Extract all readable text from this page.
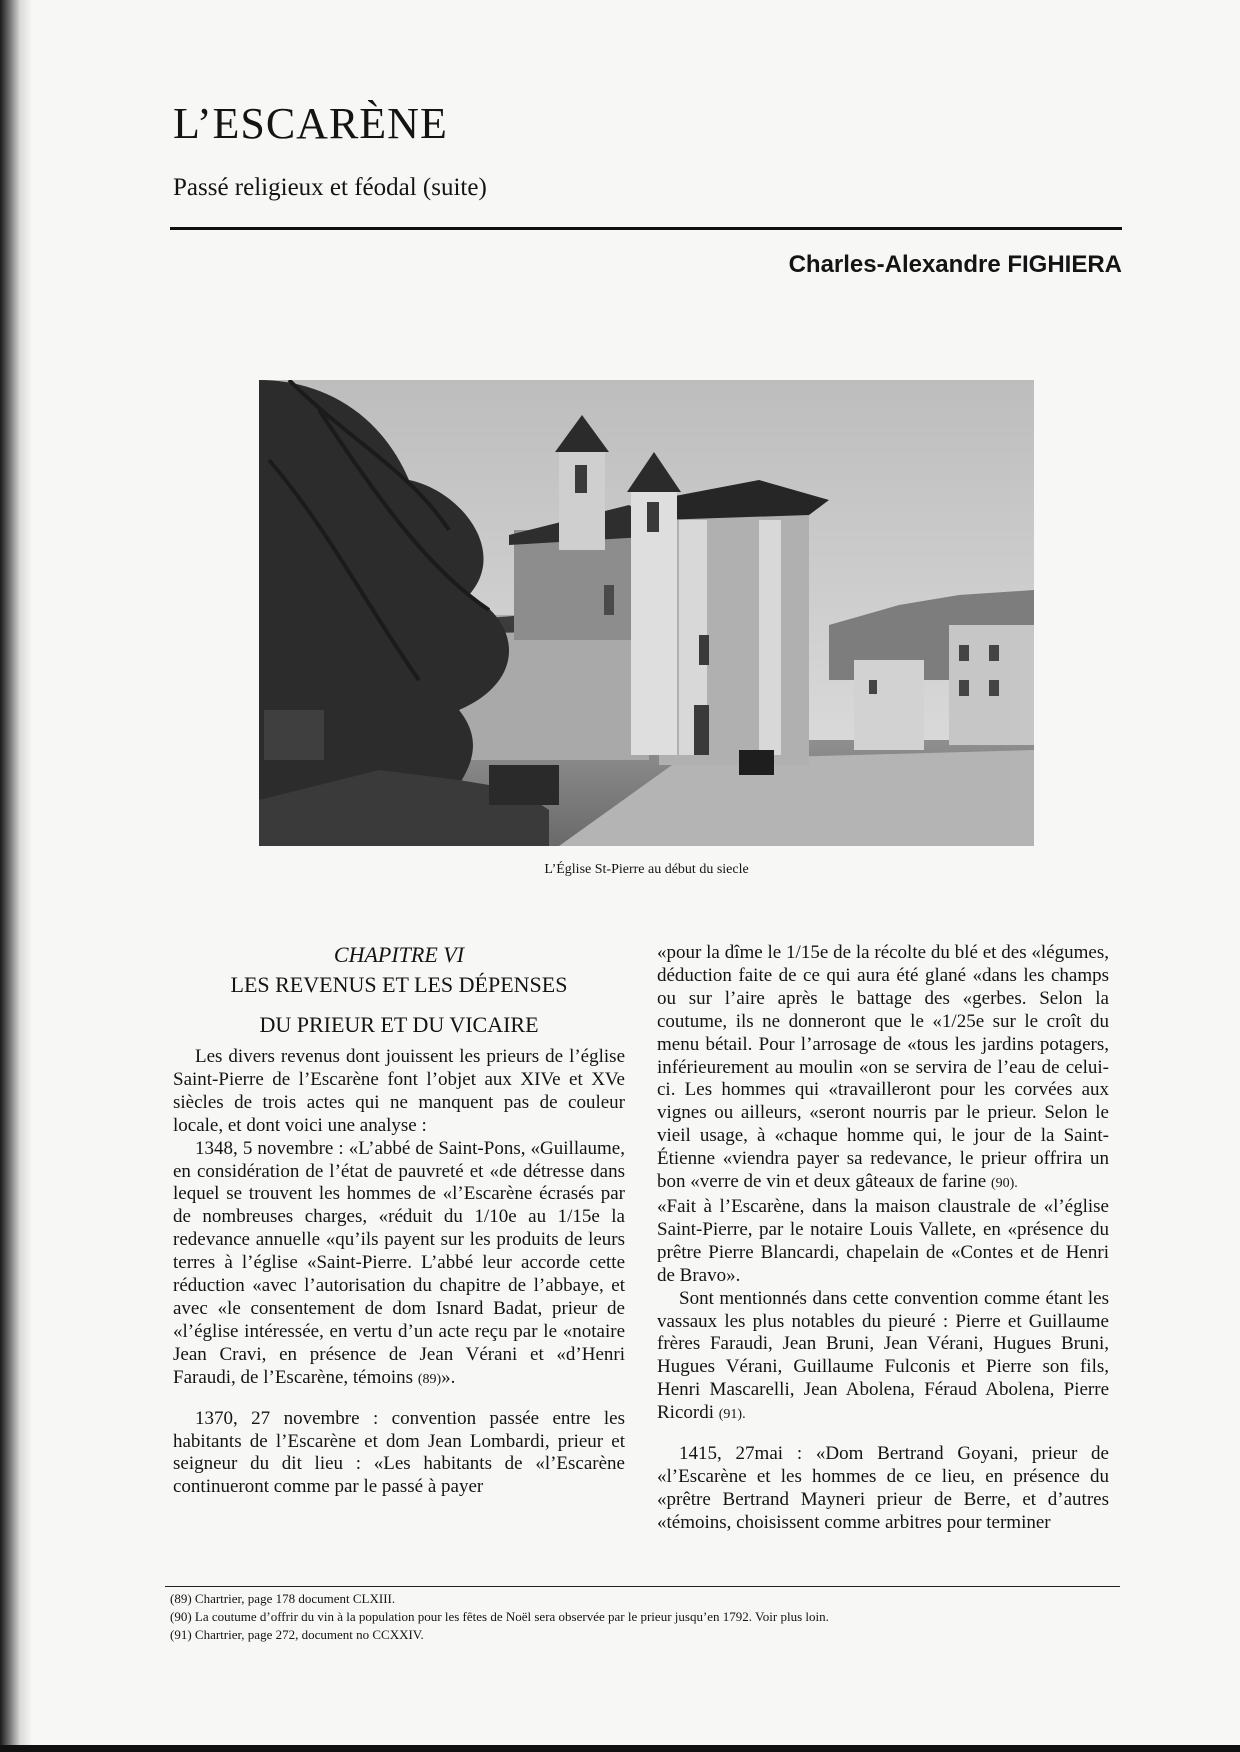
L’ESCARÈNE
Passé religieux et féodal (suite)
Charles-Alexandre FIGHIERA
L’Église St-Pierre au début du siecle

CHAPITRE VI

LES REVENUS ET LES DÉPENSES

DU PRIEUR ET DU VICAIRE

Les divers revenus dont jouissent les prieurs de l’église Saint-Pierre de l’Escarène font l’objet aux XIVe et XVe siècles de trois actes qui ne manquent pas de couleur locale, et dont voici une analyse :

1348, 5 novembre : «L’abbé de Saint-Pons, «Guillaume, en considération de l’état de pauvreté et «de détresse dans lequel se trouvent les hommes de «l’Escarène écrasés par de nombreuses charges, «réduit du 1/10e au 1/15e la redevance annuelle «qu’ils payent sur les produits de leurs terres à l’église «Saint-Pierre. L’abbé leur accorde cette réduction «avec l’autorisation du chapitre de l’abbaye, et avec «le consentement de dom Isnard Badat, prieur de «l’église intéressée, en vertu d’un acte reçu par le «notaire Jean Cravi, en présence de Jean Vérani et «d’Henri Faraudi, de l’Escarène, témoins (89)».

1370, 27 novembre : convention passée entre les habitants de l’Escarène et dom Jean Lombardi, prieur et seigneur du dit lieu : «Les habitants de «l’Escarène continueront comme par le passé à payer

«pour la dîme le 1/15e de la récolte du blé et des «légumes, déduction faite de ce qui aura été glané «dans les champs ou sur l’aire après le battage des «gerbes. Selon la coutume, ils ne donneront que le «1/25e sur le croît du menu bétail. Pour l’arrosage de «tous les jardins potagers, inférieurement au moulin «on se servira de l’eau de celui-ci. Les hommes qui «travailleront pour les corvées aux vignes ou ailleurs, «seront nourris par le prieur. Selon le vieil usage, à «chaque homme qui, le jour de la Saint-Étienne «viendra payer sa redevance, le prieur offrira un bon «verre de vin et deux gâteaux de farine (90).

«Fait à l’Escarène, dans la maison claustrale de «l’église Saint-Pierre, par le notaire Louis Vallete, en «présence du prêtre Pierre Blancardi, chapelain de «Contes et de Henri de Bravo».

Sont mentionnés dans cette convention comme étant les vassaux les plus notables du pieuré : Pierre et Guillaume frères Faraudi, Jean Bruni, Jean Vérani, Hugues Bruni, Hugues Vérani, Guillaume Fulconis et Pierre son fils, Henri Mascarelli, Jean Abolena, Féraud Abolena, Pierre Ricordi (91).

1415, 27mai : «Dom Bertrand Goyani, prieur de «l’Escarène et les hommes de ce lieu, en présence du «prêtre Bertrand Mayneri prieur de Berre, et d’autres «témoins, choisissent comme arbitres pour terminer

(89) Chartrier, page 178 document CLXIII.

(90) La coutume d’offrir du vin à la population pour les fêtes de Noël sera observée par le prieur jusqu’en 1792. Voir plus loin.

(91) Chartrier, page 272, document no CCXXIV.
